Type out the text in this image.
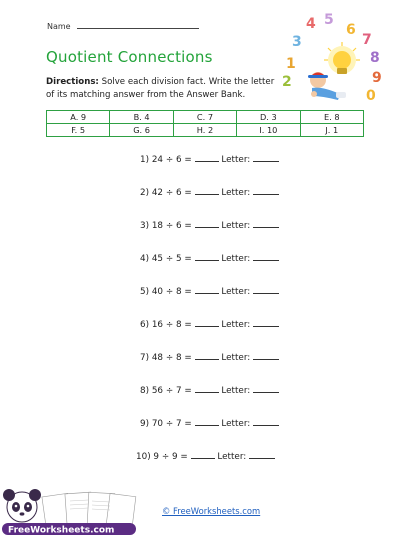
Name
Quotient Connections
Directions: Solve each division fact. Write the letter of its matching answer from the Answer Bank.
A. 9	B. 4	C. 7	D. 3	E. 8
F. 5	G. 6	H. 2	I. 10	J. 1
1) 24 ÷ 6 =	Letter:
2) 42 ÷ 6 =	Letter:
3) 18 ÷ 6 =	Letter:
4) 45 ÷ 5 =	Letter:
5) 40 ÷ 8 =	Letter:
6) 16 ÷ 8 =	Letter:
7) 48 ÷ 8 =	Letter:
8) 56 ÷ 7 =	Letter:
9) 70 ÷ 7 =	Letter:
10) 9 ÷ 9 =	Letter:
1
2
3
4 5
6
7
8
9
0
FreeWorksheets.com
© FreeWorksheets.com
